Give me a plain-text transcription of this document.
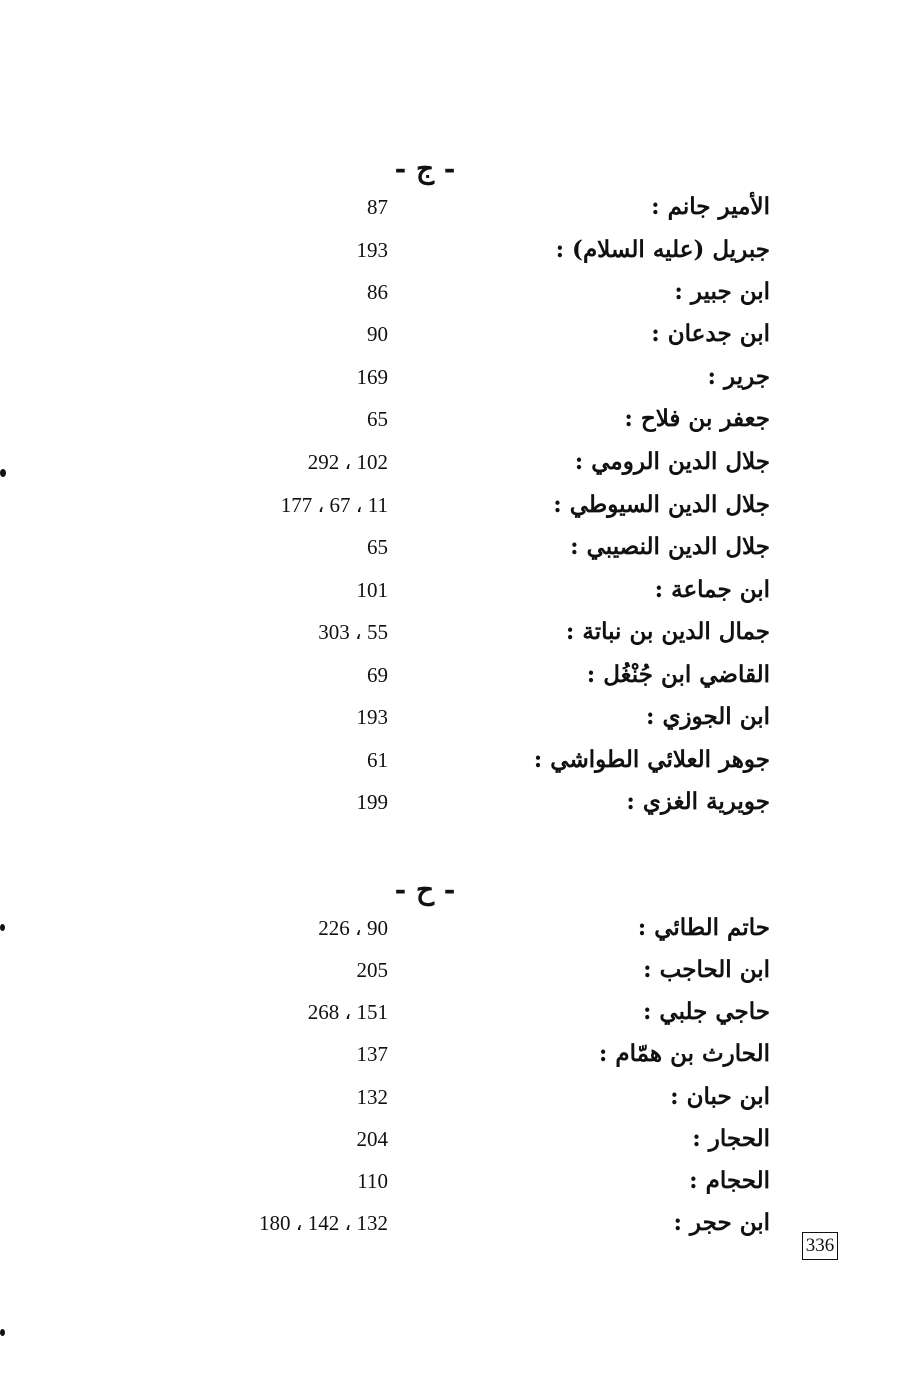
- ج -
الأمير جانم :
87
جبريل (عليه السلام) :
193
ابن جبير :
86
ابن جدعان :
90
جرير :
169
جعفر بن فلاح :
65
جلال الدين الرومي :
102 ، 292
جلال الدين السيوطي :
11 ، 67 ، 177
جلال الدين النصيبي :
65
ابن جماعة :
101
جمال الدين بن نباتة :
55 ، 303
القاضي ابن جُنْغُل :
69
ابن الجوزي :
193
جوهر العلائي الطواشي :
61
جويرية الغزي :
199
- ح -
حاتم الطائي :
90 ، 226
ابن الحاجب :
205
حاجي جلبي :
151 ، 268
الحارث بن همّام :
137
ابن حبان :
132
الحجار :
204
الحجام :
110
ابن حجر :
132 ، 142 ، 180
336
